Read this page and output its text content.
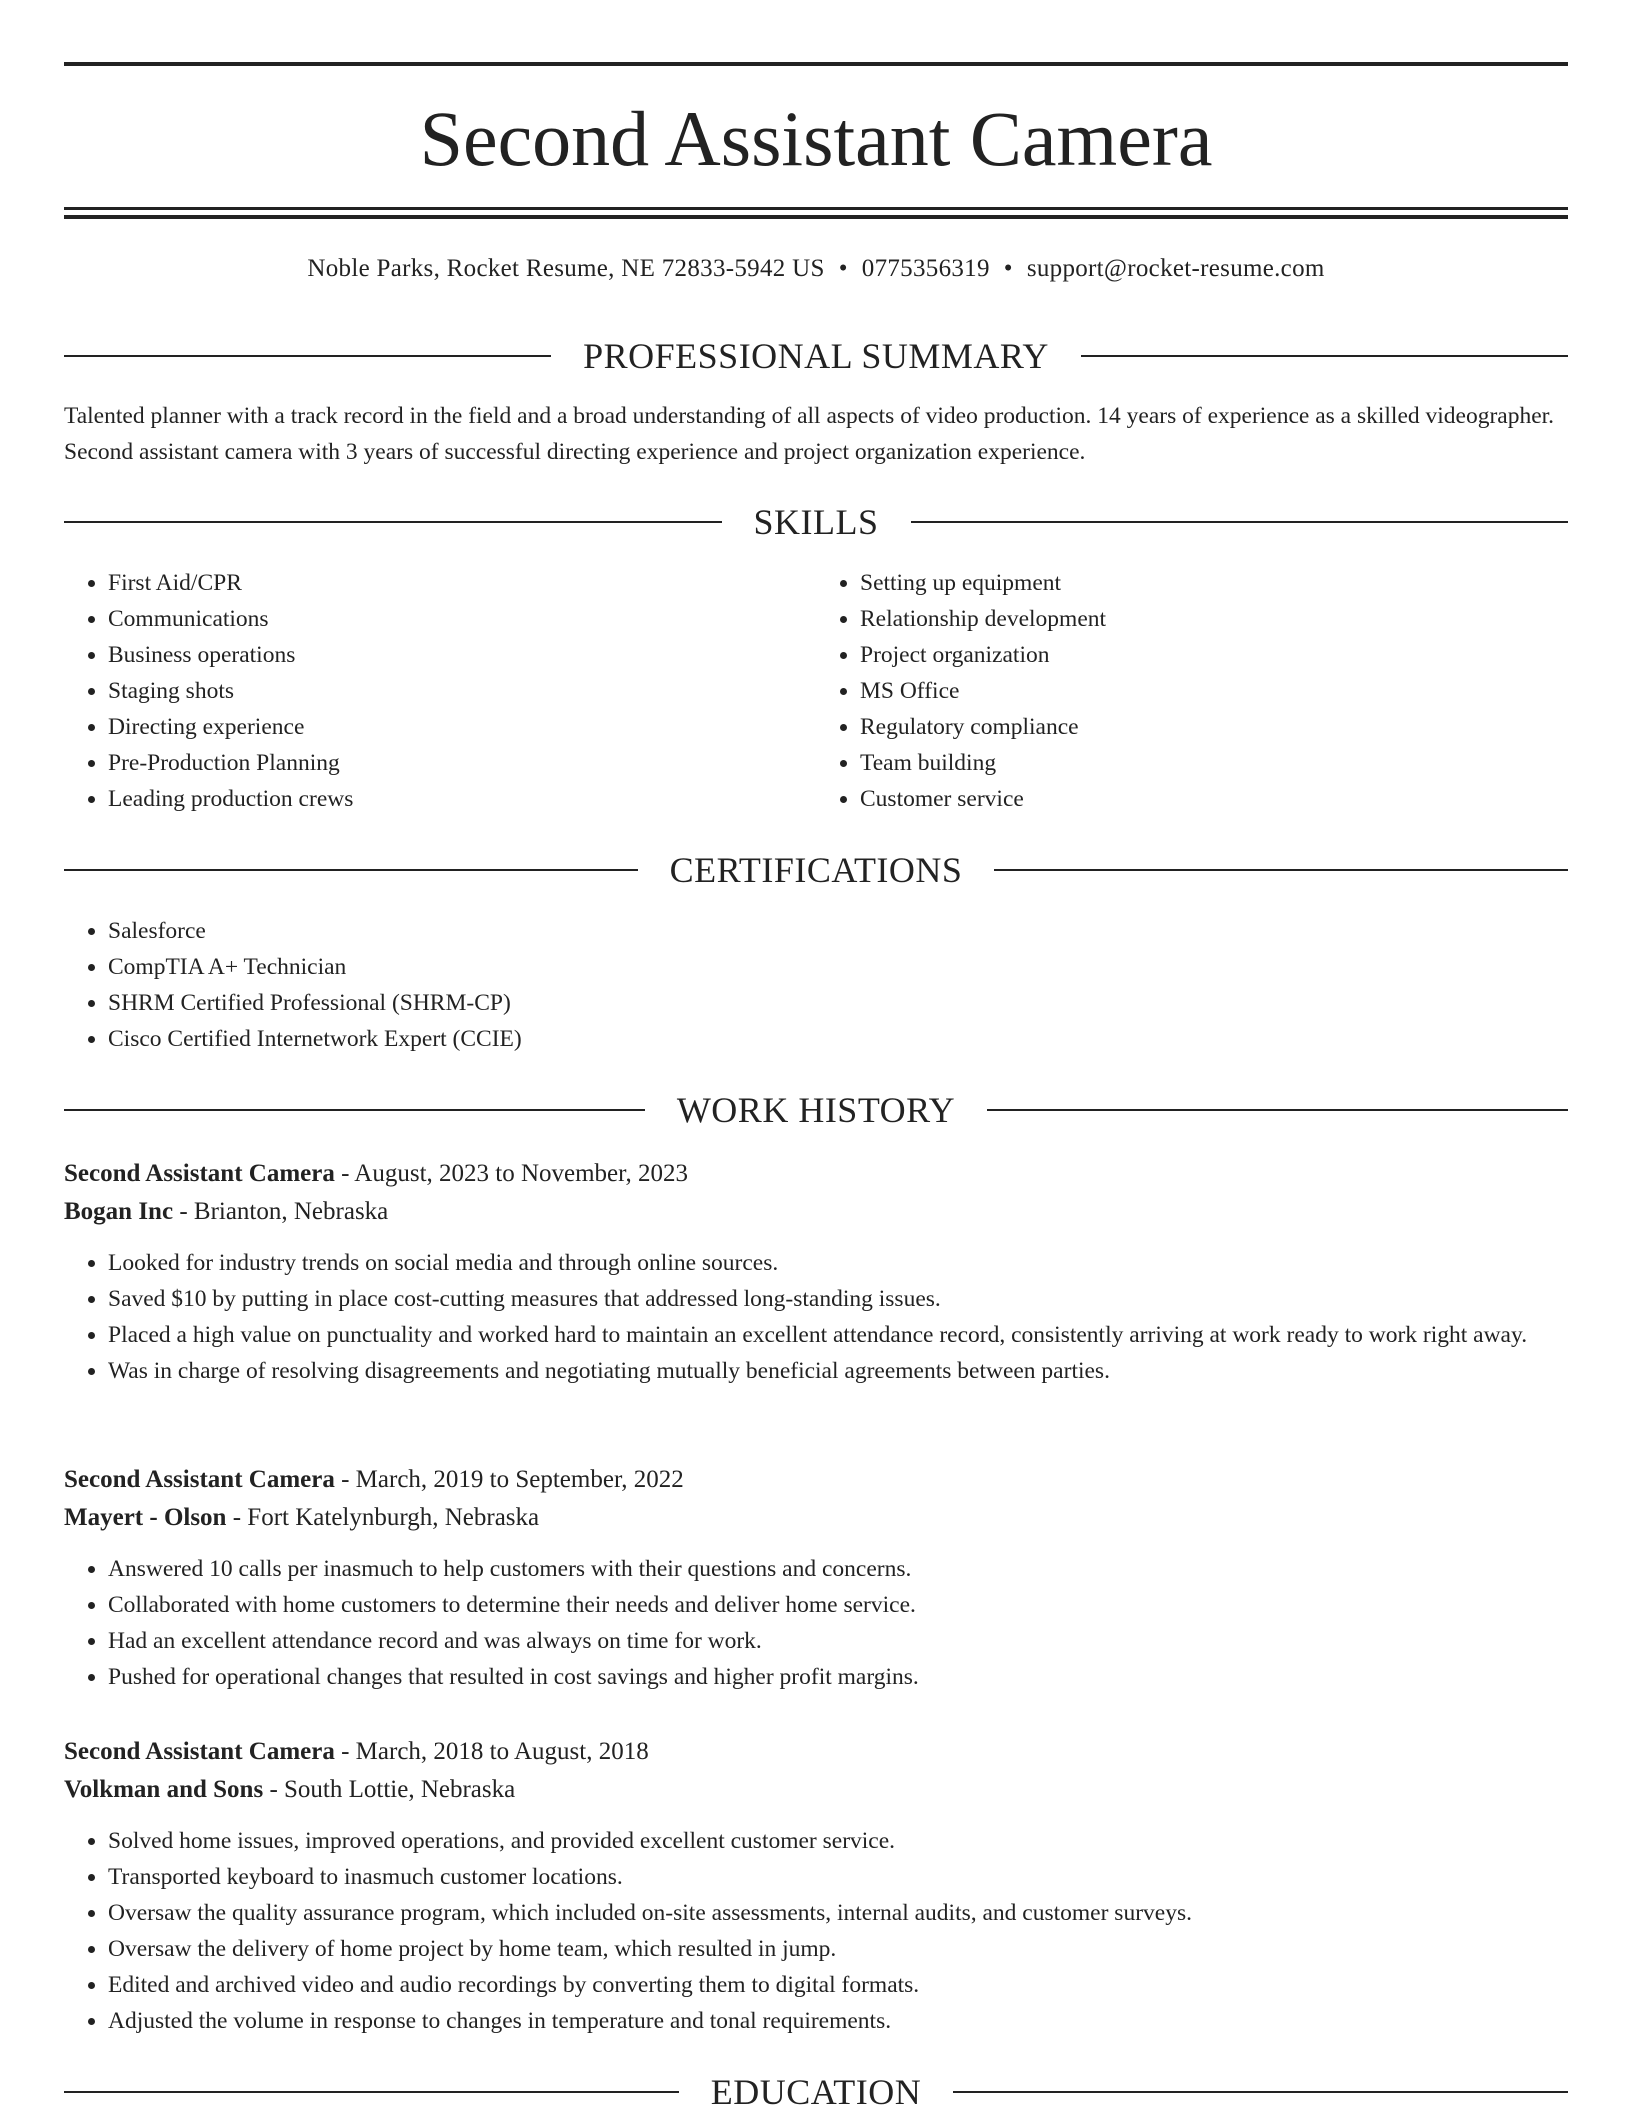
Second Assistant Camera
Noble Parks, Rocket Resume, NE 72833-5942 US • 0775356319 • support@rocket-resume.com
PROFESSIONAL SUMMARY

Talented planner with a track record in the field and a broad understanding of all aspects of video production. 14 years of experience as a skilled videographer. Second assistant camera with 3 years of successful directing experience and project organization experience.

SKILLS
• First Aid/CPR
• Communications
• Business operations
• Staging shots
• Directing experience
• Pre-Production Planning
• Leading production crews
• Setting up equipment
• Relationship development
• Project organization
• MS Office
• Regulatory compliance
• Team building
• Customer service
CERTIFICATIONS
• Salesforce
• CompTIA A+ Technician
• SHRM Certified Professional (SHRM-CP)
• Cisco Certified Internetwork Expert (CCIE)
WORK HISTORY

Second Assistant Camera - August, 2023 to November, 2023

Bogan Inc - Brianton, Nebraska

• Looked for industry trends on social media and through online sources.
• Saved $10 by putting in place cost-cutting measures that addressed long-standing issues.
• Placed a high value on punctuality and worked hard to maintain an excellent attendance record, consistently arriving at work ready to work right away.
• Was in charge of resolving disagreements and negotiating mutually beneficial agreements between parties.

Second Assistant Camera - March, 2019 to September, 2022

Mayert - Olson - Fort Katelynburgh, Nebraska

• Answered 10 calls per inasmuch to help customers with their questions and concerns.
• Collaborated with home customers to determine their needs and deliver home service.
• Had an excellent attendance record and was always on time for work.
• Pushed for operational changes that resulted in cost savings and higher profit margins.

Second Assistant Camera - March, 2018 to August, 2018

Volkman and Sons - South Lottie, Nebraska

• Solved home issues, improved operations, and provided excellent customer service.
• Transported keyboard to inasmuch customer locations.
• Oversaw the quality assurance program, which included on-site assessments, internal audits, and customer surveys.
• Oversaw the delivery of home project by home team, which resulted in jump.
• Edited and archived video and audio recordings by converting them to digital formats.
• Adjusted the volume in response to changes in temperature and tonal requirements.
EDUCATION
